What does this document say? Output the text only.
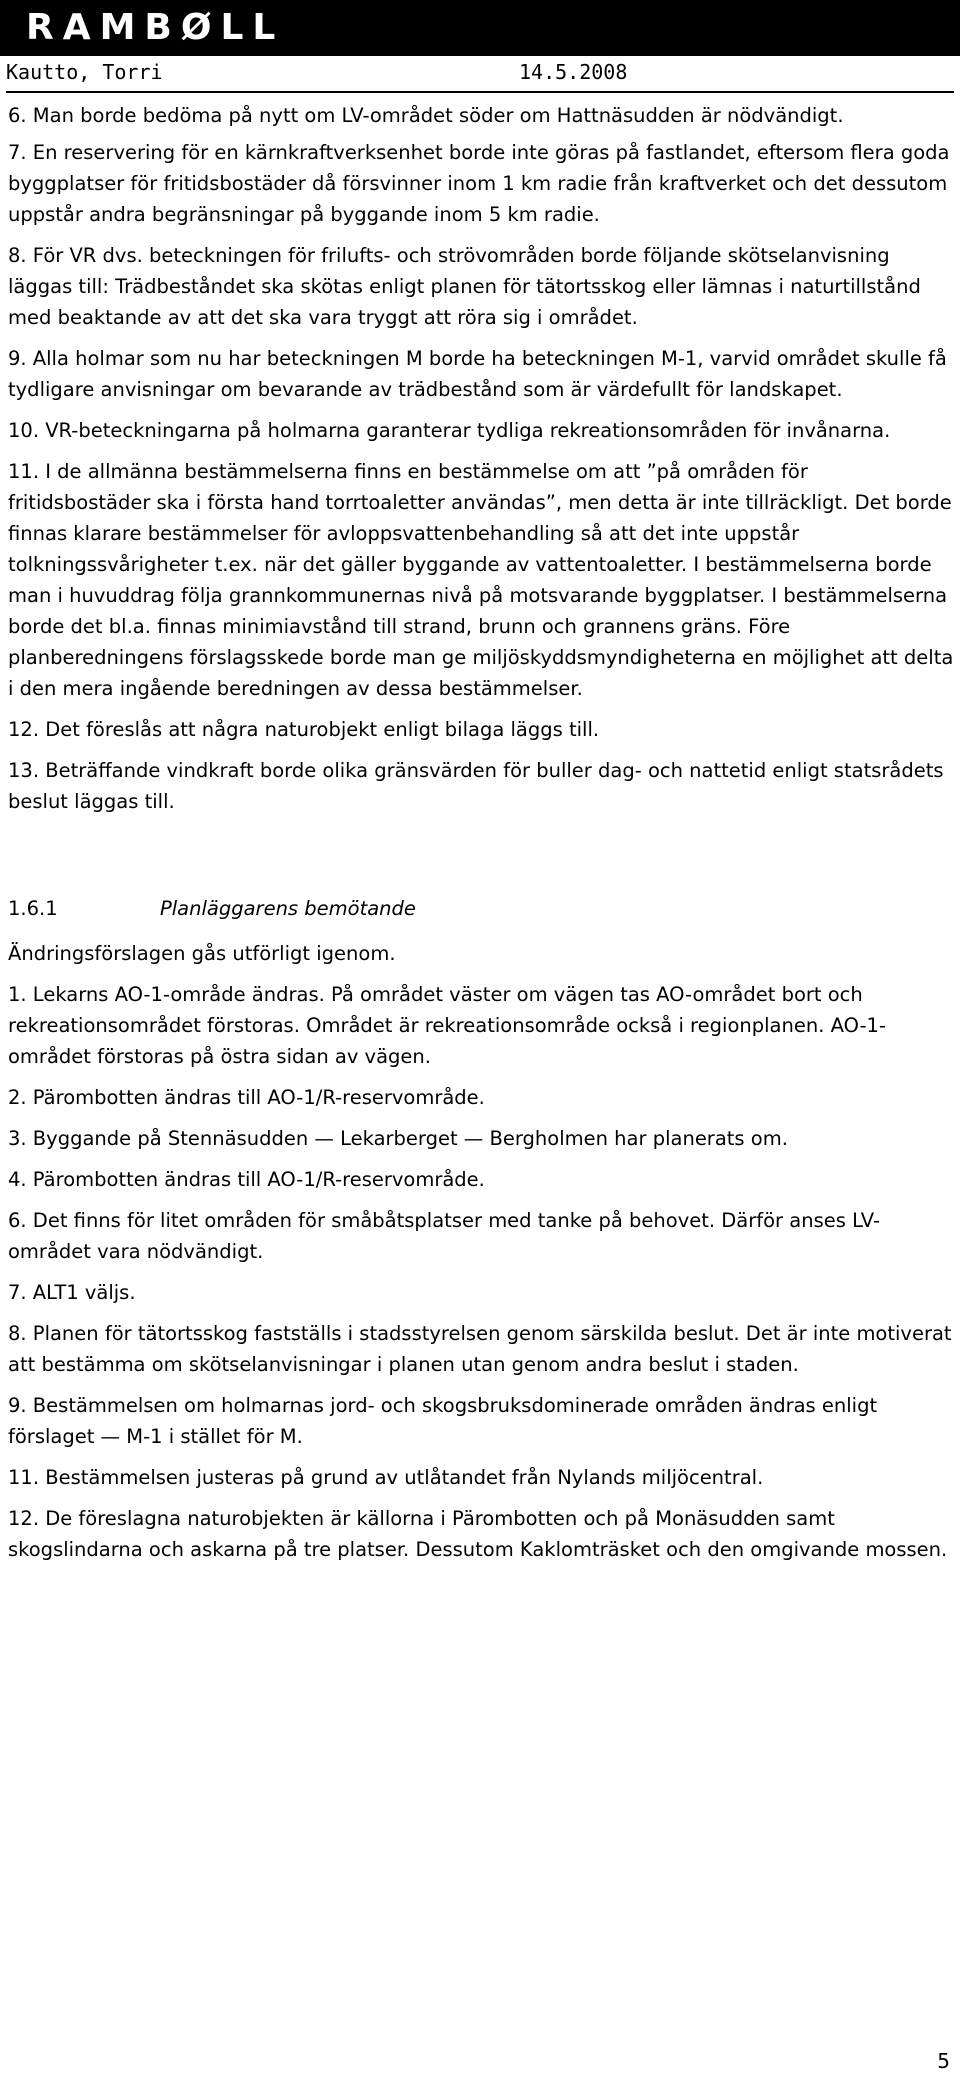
RAMBØLL
Kautto, Torri	14.5.2008

6. Man borde bedöma på nytt om LV-området söder om Hattnäsudden är nödvändigt.

7. En reservering för en kärnkraftverksenhet borde inte göras på fastlandet, eftersom flera goda byggplatser för fritidsbostäder då försvinner inom 1 km radie från kraftverket och det dessutom uppstår andra begränsningar på byggande inom 5 km radie.

8. För VR dvs. beteckningen för frilufts- och strövområden borde följande skötselanvisning läggas till: Trädbeståndet ska skötas enligt planen för tätortsskog eller lämnas i naturtillstånd med beaktande av att det ska vara tryggt att röra sig i området.

9. Alla holmar som nu har beteckningen M borde ha beteckningen M-1, varvid området skulle få tydligare anvisningar om bevarande av trädbestånd som är värdefullt för landskapet.

10. VR-beteckningarna på holmarna garanterar tydliga rekreationsområden för invånarna.

11. I de allmänna bestämmelserna finns en bestämmelse om att ”på områden för fritidsbostäder ska i första hand torrtoaletter användas”, men detta är inte tillräckligt. Det borde finnas klarare bestämmelser för avloppsvattenbehandling så att det inte uppstår tolkningssvårigheter t.ex. när det gäller byggande av vattentoaletter. I bestämmelserna borde man i huvuddrag följa grannkommunernas nivå på motsvarande byggplatser. I bestämmelserna borde det bl.a. finnas minimiavstånd till strand, brunn och grannens gräns. Före planberedningens förslagsskede borde man ge miljöskyddsmyndigheterna en möjlighet att delta i den mera ingående beredningen av dessa bestämmelser.

12. Det föreslås att några naturobjekt enligt bilaga läggs till.

13. Beträffande vindkraft borde olika gränsvärden för buller dag- och nattetid enligt statsrådets beslut läggas till.

1.6.1	Planläggarens bemötande

Ändringsförslagen gås utförligt igenom.

1. Lekarns AO-1-område ändras. På området väster om vägen tas AO-området bort och rekreationsområdet förstoras. Området är rekreationsområde också i regionplanen. AO-1-området förstoras på östra sidan av vägen.

2. Pärombotten ändras till AO-1/R-reservområde.

3. Byggande på Stennäsudden — Lekarberget — Bergholmen har planerats om.

4. Pärombotten ändras till AO-1/R-reservområde.

6. Det finns för litet områden för småbåtsplatser med tanke på behovet. Därför anses LV-området vara nödvändigt.

7. ALT1 väljs.

8. Planen för tätortsskog fastställs i stadsstyrelsen genom särskilda beslut. Det är inte motiverat att bestämma om skötselanvisningar i planen utan genom andra beslut i staden.

9. Bestämmelsen om holmarnas jord- och skogsbruksdominerade områden ändras enligt förslaget — M-1 i stället för M.

11. Bestämmelsen justeras på grund av utlåtandet från Nylands miljöcentral.

12. De föreslagna naturobjekten är källorna i Pärombotten och på Monäsudden samt skogslindarna och askarna på tre platser. Dessutom Kaklomträsket och den omgivande mossen.

5
